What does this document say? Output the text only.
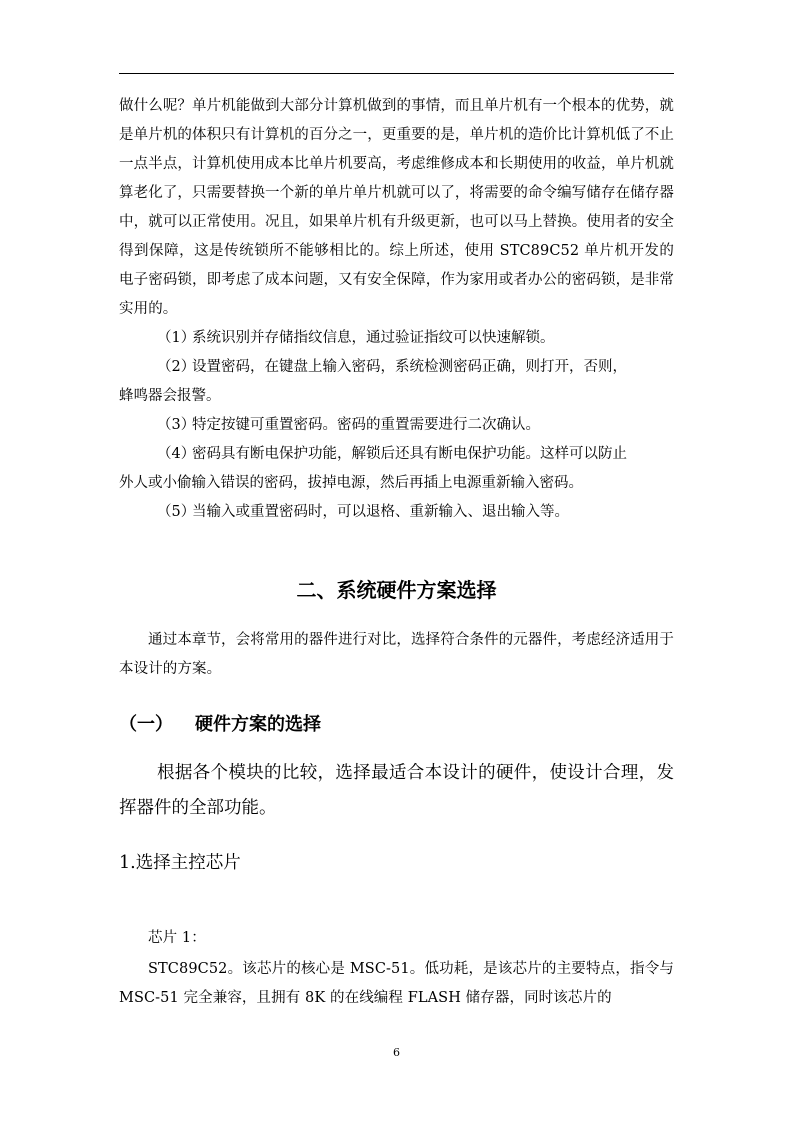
做什么呢？单片机能做到大部分计算机做到的事情，而且单片机有一个根本的优势，就是单片机的体积只有计算机的百分之一，更重要的是，单片机的造价比计算机低了不止一点半点，计算机使用成本比单片机要高，考虑维修成本和长期使用的收益，单片机就算老化了，只需要替换一个新的单片单片机就可以了，将需要的命令编写储存在储存器中，就可以正常使用。况且，如果单片机有升级更新，也可以马上替换。使用者的安全得到保障，这是传统锁所不能够相比的。综上所述，使用 STC89C52 单片机开发的电子密码锁，即考虑了成本问题，又有安全保障，作为家用或者办公的密码锁，是非常实用的。

（1）系统识别并存储指纹信息，通过验证指纹可以快速解锁。

（2）设置密码，在键盘上输入密码，系统检测密码正确，则打开，否则，
蜂鸣器会报警。

（3）特定按键可重置密码。密码的重置需要进行二次确认。

（4）密码具有断电保护功能，解锁后还具有断电保护功能。这样可以防止
外人或小偷输入错误的密码，拔掉电源，然后再插上电源重新输入密码。

（5）当输入或重置密码时，可以退格、重新输入、退出输入等。

二、系统硬件方案选择

通过本章节，会将常用的器件进行对比，选择符合条件的元器件，考虑经济适用于本设计的方案。

（一） 硬件方案的选择

根据各个模块的比较，选择最适合本设计的硬件，使设计合理，发挥器件的全部功能。

1.选择主控芯片

芯片 1：

STC89C52。该芯片的核心是 MSC-51。低功耗，是该芯片的主要特点，指令与 MSC-51 完全兼容，且拥有 8K 的在线编程 FLASH 储存器，同时该芯片的

6
